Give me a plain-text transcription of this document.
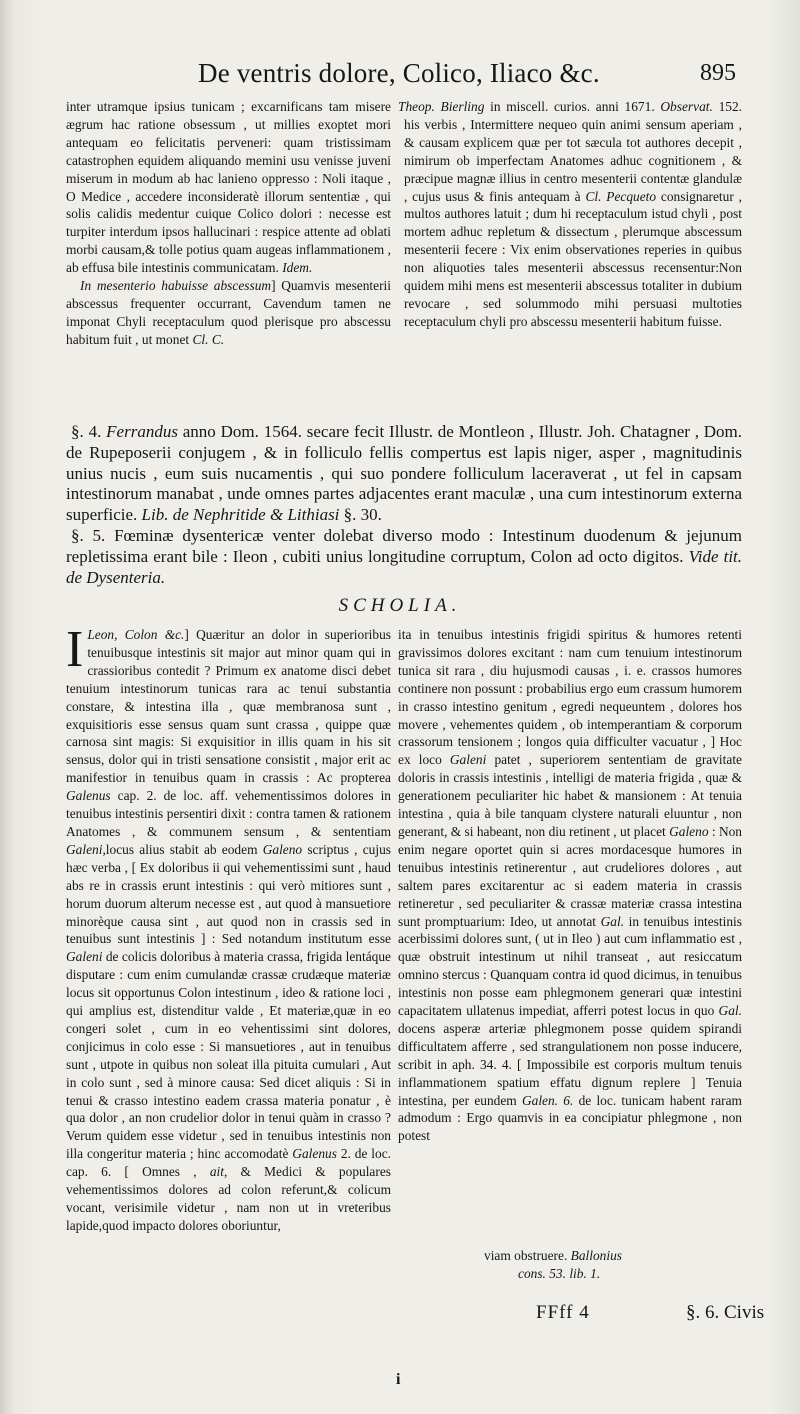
De ventris dolore, Colico, Iliaco &c.	895

inter utramque ipsius tunicam ; excarnificans tam misere ægrum hac ratione obsessum , ut millies exoptet mori antequam eo felicitatis perveneri: quam tristissimam catastrophen equidem aliquando memini usu venisse juveni miserum in modum ab hac lanieno oppresso : Noli itaque , O Medice , accedere inconsideratè illorum sententiæ , qui solis calidis medentur cuique Colico dolori : necesse est turpiter interdum ipsos hallucinari : respice attente ad oblati morbi causam,& tolle potius quam augeas inflammationem , ab effusa bile intestinis communicatam. Idem.

In mesenterio habuisse abscessum] Quamvis mesenterii abscessus frequenter occurrant, Cavendum tamen ne imponat Chyli receptaculum quod plerisque pro abscessu habitum fuit , ut monet Cl. C.

Theop. Bierling in miscell. curios. anni 1671. Observat. 152. his verbis , Intermittere nequeo quin animi sensum aperiam , & causam explicem quæ per tot sæcula tot authores decepit , nimirum ob imperfectam Anatomes adhuc cognitionem , & præcipue magnæ illius in centro mesenterii contentæ glandulæ , cujus usus & finis antequam à Cl. Pecqueto consignaretur , multos authores latuit ; dum hi receptaculum istud chyli , post mortem adhuc repletum & dissectum , plerumque abscessum mesenterii fecere : Vix enim observationes reperies in quibus non aliquoties tales mesenterii abscessus recensentur:Non quidem mihi mens est mesenterii abscessus totaliter in dubium revocare , sed solummodo mihi persuasi multoties receptaculum chyli pro abscessu mesenterii habitum fuisse.

§. 4. Ferrandus anno Dom. 1564. secare fecit Illustr. de Montleon , Illustr. Joh. Chatagner , Dom. de Rupeposerii conjugem , & in folliculo fellis compertus est lapis niger, asper , magnitudinis unius nucis , eum suis nucamentis , qui suo pondere folliculum laceraverat , ut fel in capsam intestinorum manabat , unde omnes partes adjacentes erant maculæ , una cum intestinorum externa superficie. Lib. de Nephritide & Lithiasi §. 30.

§. 5. Fœminæ dysentericæ venter dolebat diverso modo : Intestinum duodenum & jejunum repletissima erant bile : Ileon , cubiti unius longitudine corruptum, Colon ad octo digitos. Vide tit. de Dysenteria.

SCHOLIA.

I Leon, Colon &c.] Quæritur an dolor in superioribus tenuibusque intestinis sit major aut minor quam qui in crassioribus contedit ? Primum ex anatome disci debet tenuium intestinorum tunicas rara ac tenui substantia constare, & intestina illa , quæ membranosa sunt , exquisitioris esse sensus quam sunt crassa , quippe quæ carnosa sint magis: Si exquisitior in illis quam in his sit sensus, dolor qui in tristi sensatione consistit , major erit ac manifestior in tenuibus quam in crassis : Ac propterea Galenus cap. 2. de loc. aff. vehementissimos dolores in tenuibus intestinis persentiri dixit : contra tamen & rationem Anatomes , & communem sensum , & sententiam Galeni,locus alius stabit ab eodem Galeno scriptus , cujus hæc verba , [ Ex doloribus ii qui vehementissimi sunt , haud abs re in crassis erunt intestinis : qui verò mitiores sunt , horum duorum alterum necesse est , aut quod à mansuetiore minorèque causa sint , aut quod non in crassis sed in tenuibus sunt intestinis ] : Sed notandum institutum esse Galeni de colicis doloribus à materia crassa, frigida lentáque disputare : cum enim cumulandæ crassæ crudæque materiæ locus sit opportunus Colon intestinum , ideo & ratione loci , qui amplius est, distenditur valde , Et materiæ,quæ in eo congeri solet , cum in eo vehentissimi sint dolores, conjicimus in colo esse : Si mansuetiores , aut in tenuibus sunt , utpote in quibus non soleat illa pituita cumulari , Aut in colo sunt , sed à minore causa: Sed dicet aliquis : Si in tenui & crasso intestino eadem crassa materia ponatur , è qua dolor , an non crudelior dolor in tenui quàm in crasso ? Verum quidem esse videtur , sed in tenuibus intestinis non illa congeritur materia ; hinc accomodatè Galenus 2. de loc. cap. 6. [ Omnes , ait, & Medici & populares vehementissimos dolores ad colon referunt,& colicum vocant, verisimile videtur , nam non ut in vreteribus lapide,quod impacto dolores oboriuntur,

ita in tenuibus intestinis frigidi spiritus & humores retenti gravissimos dolores excitant : nam cum tenuium intestinorum tunica sit rara , diu hujusmodi causas , i. e. crassos humores continere non possunt : probabilius ergo eum crassum humorem in crasso intestino genitum , egredi nequeuntem , dolores hos movere , vehementes quidem , ob intemperantiam & corporum crassorum tensionem ; longos quia difficulter vacuatur , ] Hoc ex loco Galeni patet , superiorem sententiam de gravitate doloris in crassis intestinis , intelligi de materia frigida , quæ & generationem peculiariter hic habet & mansionem : At tenuia intestina , quia à bile tanquam clystere naturali eluuntur , non generant, & si habeant, non diu retinent , ut placet Galeno : Non enim negare oportet quin si acres mordacesque humores in tenuibus intestinis retinerentur , aut crudeliores dolores , aut saltem pares excitarentur ac si eadem materia in crassis retineretur , sed peculiariter & crassæ materiæ crassa intestina sunt promptuarium: Ideo, ut annotat Gal. in tenuibus intestinis acerbissimi dolores sunt, ( ut in Ileo ) aut cum inflammatio est , quæ obstruit intestinum ut nihil transeat , aut resiccatum omnino stercus : Quanquam contra id quod dicimus, in tenuibus intestinis non posse eam phlegmonem generari quæ intestini capacitatem ullatenus impediat, afferri potest locus in quo Gal. docens asperæ arteriæ phlegmonem posse quidem spirandi difficultatem afferre , sed strangulationem non posse inducere, scribit in aph. 34. 4. [ Impossibile est corporis multum tenuis inflammationem spatium effatu dignum replere ] Tenuia intestina, per eundem Galen. 6. de loc. tunicam habent raram admodum : Ergo quamvis in ea concipiatur phlegmone , non potest

viam obstruere. Ballonius
cons. 53. lib. 1.
FFff 4	§. 6. Civis
i
